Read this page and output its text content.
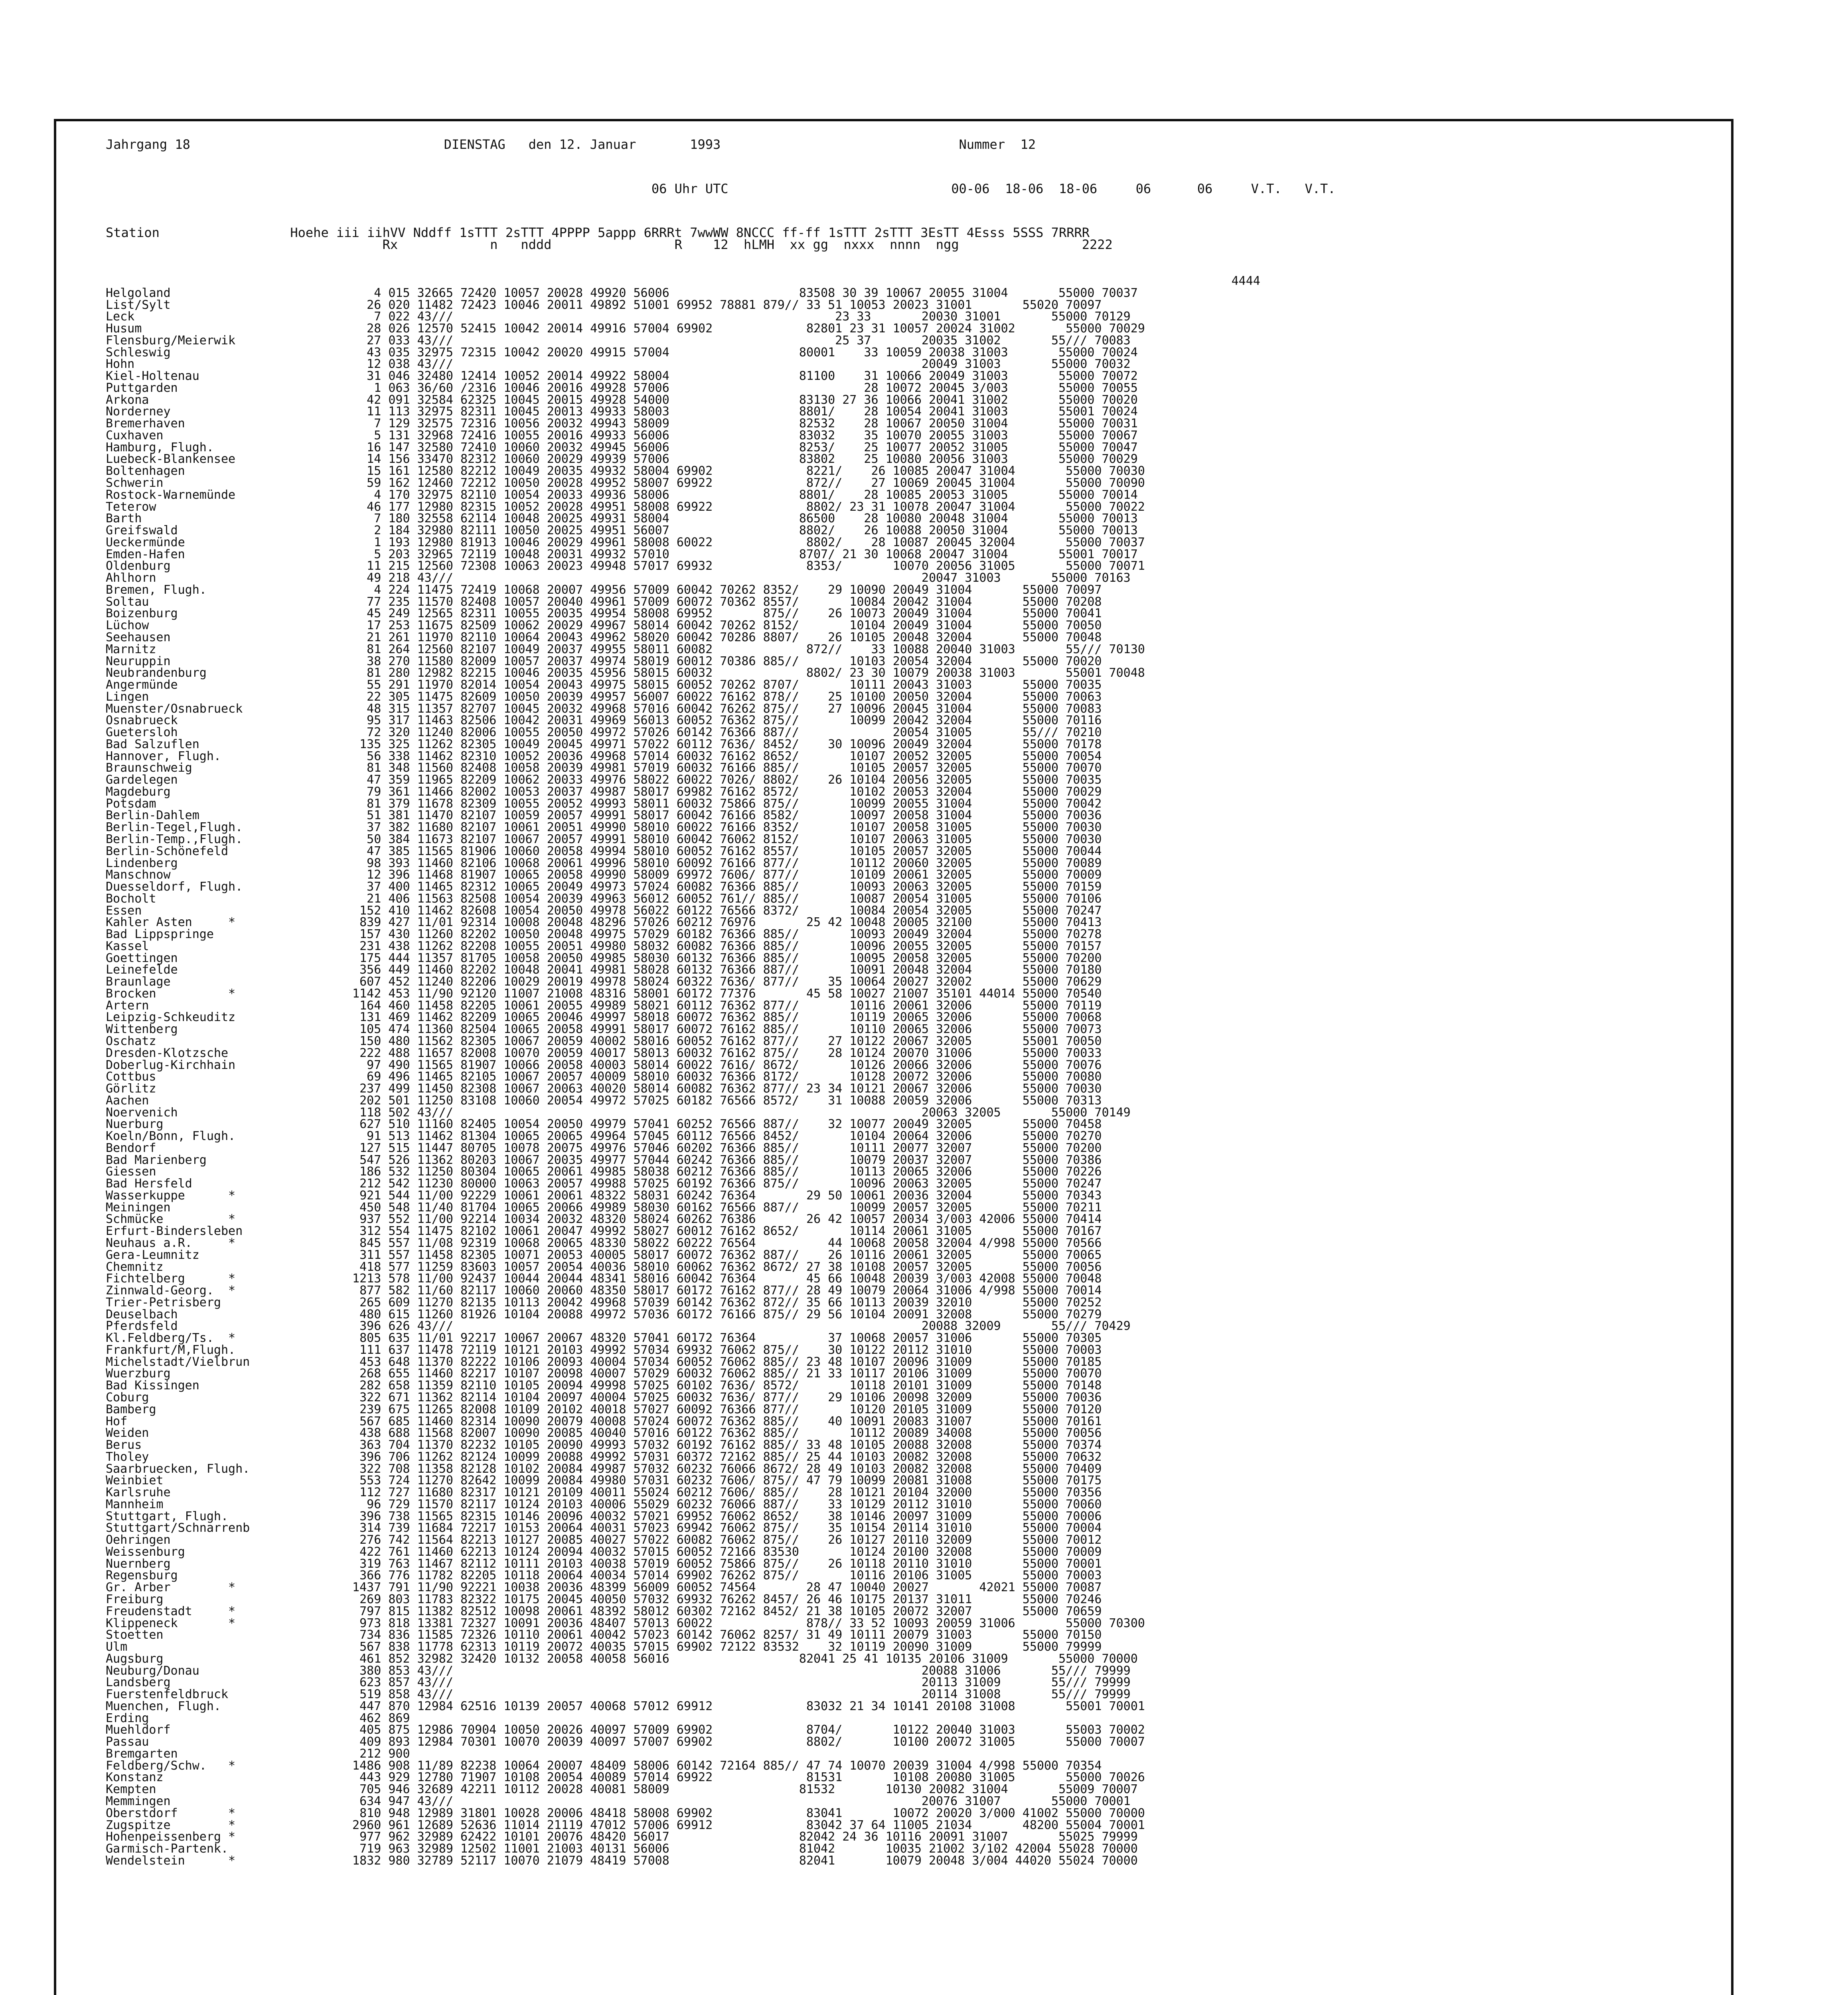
Jahrgang 18                                 DIENSTAG   den 12. Januar       1993                               Nummer  12
06 Uhr UTC                             00-06  18-06  18-06     06      06     V.T.   V.T.
Station                 Hoehe iii iihVV Nddff 1sTTT 2sTTT 4PPPP 5appp 6RRRt 7wwWW 8NCCC ff-ff 1sTTT 2sTTT 3EsTT 4Esss 5SSS 7RRRR
Rx            n   nddd                R    12  hLMH  xx gg  nxxx  nnnn  ngg                2222
4444
Helgoland	4 015 32665 72420 10057 20028 49920 56006                  83508 30 39 10067 20055 31004       55000 70037
List/Sylt	26 020 11482 72423 10046 20011 49892 51001 69952 78881 879// 33 51 10053 20023 31001       55020 70097
Leck	7 022 43///                                                     23 33       20030 31001       55000 70129
Husum	28 026 12570 52415 10042 20014 49916 57004 69902             82801 23 31 10057 20024 31002       55000 70029
Flensburg/Meierwik	27 033 43///                                                     25 37       20035 31002       55/// 70083
Schleswig	43 035 32975 72315 10042 20020 49915 57004                  80001    33 10059 20038 31003       55000 70024
Hohn	12 038 43///                                                                 20049 31003       55000 70032
Kiel-Holtenau	31 046 32480 12414 10052 20014 49922 58004                  81100    31 10066 20049 31003       55000 70072
Puttgarden	1 063 36/60 /2316 10046 20016 49928 57006                           28 10072 20045 3/003       55000 70055
Arkona	42 091 32584 62325 10045 20015 49928 54000                  83130 27 36 10066 20041 31002       55000 70020
Norderney	11 113 32975 82311 10045 20013 49933 58003                  8801/    28 10054 20041 31003       55001 70024
Bremerhaven	7 129 32575 72316 10056 20032 49943 58009                  82532    28 10067 20050 31004       55000 70031
Cuxhaven	5 131 32968 72416 10055 20016 49933 56006                  83032    35 10070 20055 31003       55000 70067
Hamburg, Flugh.	16 147 32580 72410 10060 20032 49945 56006                  8253/    25 10077 20052 31005       55000 70047
Luebeck-Blankensee	14 156 33470 82312 10060 20029 49939 57006                  83802    25 10080 20056 31003       55000 70029
Boltenhagen	15 161 12580 82212 10049 20035 49932 58004 69902             8221/    26 10085 20047 31004       55000 70030
Schwerin	59 162 12460 72212 10050 20028 49952 58007 69922             872//    27 10069 20045 31004       55000 70090
Rostock-Warnemünde	4 170 32975 82110 10054 20033 49936 58006                  8801/    28 10085 20053 31005       55000 70014
Teterow	46 177 12980 82315 10052 20028 49951 58008 69922             8802/ 23 31 10078 20047 31004       55000 70022
Barth	7 180 32558 62114 10048 20025 49931 58004                  86500    28 10080 20048 31004       55000 70013
Greifswald	2 184 32980 82111 10050 20025 49951 56007                  8802/    26 10088 20050 31004       55000 70013
Ueckermünde	1 193 12980 81913 10046 20029 49961 58008 60022             8802/    28 10087 20045 32004       55000 70037
Emden-Hafen	5 203 32965 72119 10048 20031 49932 57010                  8707/ 21 30 10068 20047 31004       55001 70017
Oldenburg	11 215 12560 72308 10063 20023 49948 57017 69932             8353/       10070 20056 31005       55000 70071
Ahlhorn	49 218 43///                                                                 20047 31003       55000 70163
Bremen, Flugh.	4 224 11475 72419 10068 20007 49956 57009 60042 70262 8352/    29 10090 20049 31004       55000 70097
Soltau	77 235 11570 82408 10057 20040 49961 57009 60072 70362 8557/       10084 20042 31004       55000 70208
Boizenburg	45 249 12565 82311 10055 20035 49954 58008 69952       875//    26 10073 20049 31004       55000 70041
Lüchow	17 253 11675 82509 10062 20029 49967 58014 60042 70262 8152/       10104 20049 31004       55000 70050
Seehausen	21 261 11970 82110 10064 20043 49962 58020 60042 70286 8807/    26 10105 20048 32004       55000 70048
Marnitz	81 264 12560 82107 10049 20037 49955 58011 60082             872//    33 10088 20040 31003       55/// 70130
Neuruppin	38 270 11580 82009 10057 20037 49974 58019 60012 70386 885//       10103 20054 32004       55000 70020
Neubrandenburg	81 280 12982 82215 10046 20035 45956 58015 60032             8802/ 23 30 10079 20038 31003       55001 70048
Angermünde	55 291 11970 82014 10054 20043 49975 58015 60052 70262 8707/       10111 20043 31003       55000 70035
Lingen	22 305 11475 82609 10050 20039 49957 56007 60022 76162 878//    25 10100 20050 32004       55000 70063
Muenster/Osnabrueck	48 315 11357 82707 10045 20032 49968 57016 60042 76262 875//    27 10096 20045 31004       55000 70083
Osnabrueck	95 317 11463 82506 10042 20031 49969 56013 60052 76362 875//       10099 20042 32004       55000 70116
Guetersloh	72 320 11240 82006 10055 20050 49972 57026 60142 76366 887//             20054 31005       55/// 70210
Bad Salzuflen	135 325 11262 82305 10049 20045 49971 57022 60112 7636/ 8452/    30 10096 20049 32004       55000 70178
Hannover, Flugh.	56 338 11462 82310 10052 20036 49968 57014 60032 76162 8652/       10107 20052 32005       55000 70054
Braunschweig	81 348 11560 82408 10058 20039 49981 57019 60032 76166 885//       10105 20057 32005       55000 70070
Gardelegen	47 359 11965 82209 10062 20033 49976 58022 60022 7026/ 8802/    26 10104 20056 32005       55000 70035
Magdeburg	79 361 11466 82002 10053 20037 49987 58017 69982 76162 8572/       10102 20053 32004       55000 70029
Potsdam	81 379 11678 82309 10055 20052 49993 58011 60032 75866 875//       10099 20055 31004       55000 70042
Berlin-Dahlem	51 381 11470 82107 10059 20057 49991 58017 60042 76166 8582/       10097 20058 31004       55000 70036
Berlin-Tegel,Flugh.	37 382 11680 82107 10061 20051 49990 58010 60022 76166 8352/       10107 20058 31005       55000 70030
Berlin-Temp.,Flugh.	50 384 11673 82107 10067 20057 49991 58010 60042 76062 8152/       10107 20063 31005       55000 70030
Berlin-Schönefeld	47 385 11565 81906 10060 20058 49994 58010 60052 76162 8557/       10105 20057 32005       55000 70044
Lindenberg	98 393 11460 82106 10068 20061 49996 58010 60092 76166 877//       10112 20060 32005       55000 70089
Manschnow	12 396 11468 81907 10065 20058 49990 58009 69972 7606/ 877//       10109 20061 32005       55000 70009
Duesseldorf, Flugh.	37 400 11465 82312 10065 20049 49973 57024 60082 76366 885//       10093 20063 32005       55000 70159
Bocholt	21 406 11563 82508 10054 20039 49963 56012 60052 761// 885//       10087 20054 31005       55000 70106
Essen	152 410 11462 82608 10054 20050 49978 56022 60122 76566 8372/       10084 20054 32005       55000 70247
Kahler Asten     *	839 427 11/01 92314 10008 20048 48296 57026 60212 76976       25 42 10048 20005 32100       55000 70413
Bad Lippspringe	157 430 11260 82202 10050 20048 49975 57029 60182 76366 885//       10093 20049 32004       55000 70278
Kassel	231 438 11262 82208 10055 20051 49980 58032 60082 76366 885//       10096 20055 32005       55000 70157
Goettingen	175 444 11357 81705 10058 20050 49985 58030 60132 76366 885//       10095 20058 32005       55000 70200
Leinefelde	356 449 11460 82202 10048 20041 49981 58028 60132 76366 887//       10091 20048 32004       55000 70180
Braunlage	607 452 11240 82206 10029 20019 49978 58024 60322 7636/ 877//    35 10064 20027 32002       55000 70629
Brocken          *	1142 453 11/90 92120 11007 21008 48316 58001 60172 77376       45 58 10027 21007 35101 44014 55000 70540
Artern	164 460 11458 82205 10061 20055 49989 58021 60112 76362 877//       10116 20061 32006       55000 70119
Leipzig-Schkeuditz	131 469 11462 82209 10065 20046 49997 58018 60072 76362 885//       10119 20065 32006       55000 70068
Wittenberg	105 474 11360 82504 10065 20058 49991 58017 60072 76162 885//       10110 20065 32006       55000 70073
Oschatz	150 480 11562 82305 10067 20059 40002 58016 60052 76162 877//    27 10122 20067 32005       55001 70050
Dresden-Klotzsche	222 488 11657 82008 10070 20059 40017 58013 60032 76162 875//    28 10124 20070 31006       55000 70033
Doberlug-Kirchhain	97 490 11565 81907 10066 20058 40003 58014 60022 7616/ 8672/       10126 20066 32006       55000 70076
Cottbus	69 496 11465 82105 10067 20057 40009 58010 60032 76366 8172/       10128 20072 32006       55000 70080
Görlitz	237 499 11450 82308 10067 20063 40020 58014 60082 76362 877// 23 34 10121 20067 32006       55000 70030
Aachen	202 501 11250 83108 10060 20054 49972 57025 60182 76566 8572/    31 10088 20059 32006       55000 70313
Noervenich	118 502 43///                                                                 20063 32005       55000 70149
Nuerburg	627 510 11160 82405 10054 20050 49979 57041 60252 76566 887//    32 10077 20049 32005       55000 70458
Koeln/Bonn, Flugh.	91 513 11462 81304 10065 20065 49964 57045 60112 76566 8452/       10104 20064 32006       55000 70270
Bendorf	127 515 11447 80705 10078 20075 49976 57046 60202 76366 885//       10111 20077 32007       55000 70200
Bad Marienberg	547 526 11362 80203 10067 20035 49977 57044 60242 76366 885//       10079 20037 32007       55000 70386
Giessen	186 532 11250 80304 10065 20061 49985 58038 60212 76366 885//       10113 20065 32006       55000 70226
Bad Hersfeld	212 542 11230 80000 10063 20057 49988 57025 60192 76366 875//       10096 20063 32005       55000 70247
Wasserkuppe      *	921 544 11/00 92229 10061 20061 48322 58031 60242 76364       29 50 10061 20036 32004       55000 70343
Meiningen	450 548 11/40 81704 10065 20066 49989 58030 60162 76566 887//       10099 20057 32005       55000 70211
Schmücke         *	937 552 11/00 92214 10034 20032 48320 58024 60262 76386       26 42 10057 20034 3/003 42006 55000 70414
Erfurt-Bindersleben	312 554 11475 82102 10061 20047 49992 58027 60012 76162 8652/       10114 20061 31005       55000 70167
Neuhaus a.R.     *	845 557 11/08 92319 10068 20065 48330 58022 60222 76564          44 10068 20058 32004 4/998 55000 70566
Gera-Leumnitz	311 557 11458 82305 10071 20053 40005 58017 60072 76362 887//    26 10116 20061 32005       55000 70065
Chemnitz	418 577 11259 83603 10057 20054 40036 58010 60062 76362 8672/ 27 38 10108 20057 32005       55000 70056
Fichtelberg      *	1213 578 11/00 92437 10044 20044 48341 58016 60042 76364       45 66 10048 20039 3/003 42008 55000 70048
Zinnwald-Georg.  *	877 582 11/60 82117 10060 20060 48350 58017 60172 76162 877// 28 49 10079 20064 31006 4/998 55000 70014
Trier-Petrisberg	265 609 11270 82135 10113 20042 49968 57039 60142 76362 872// 35 66 10113 20039 32010       55000 70252
Deuselbach	480 615 11260 81926 10104 20088 49972 57036 60172 76166 875// 29 56 10104 20091 32008       55000 70279
Pferdsfeld	396 626 43///                                                                 20088 32009       55/// 70429
Kl.Feldberg/Ts.  *	805 635 11/01 92217 10067 20067 48320 57041 60172 76364          37 10068 20057 31006       55000 70305
Frankfurt/M,Flugh.	111 637 11478 72119 10121 20103 49992 57034 69932 76062 875//    30 10122 20112 31010       55000 70003
Michelstadt/Vielbrun	453 648 11370 82222 10106 20093 40004 57034 60052 76062 885// 23 48 10107 20096 31009       55000 70185
Wuerzburg	268 655 11460 82217 10107 20098 40007 57029 60032 76062 885// 21 33 10117 20106 31009       55000 70070
Bad Kissingen	282 658 11359 82110 10105 20094 49998 57025 60102 7636/ 8572/       10118 20101 31009       55000 70148
Coburg	322 671 11362 82114 10104 20097 40004 57025 60032 7636/ 877//    29 10106 20098 32009       55000 70036
Bamberg	239 675 11265 82008 10109 20102 40018 57027 60092 76366 877//       10120 20105 31009       55000 70120
Hof	567 685 11460 82314 10090 20079 40008 57024 60072 76362 885//    40 10091 20083 31007       55000 70161
Weiden	438 688 11568 82007 10090 20085 40040 57016 60122 76362 885//       10112 20089 34008       55000 70056
Berus	363 704 11370 82232 10105 20090 49993 57032 60192 76162 885// 33 48 10105 20088 32008       55000 70374
Tholey	396 706 11262 82124 10099 20088 49992 57031 60372 72162 885// 25 44 10103 20082 32008       55000 70632
Saarbruecken, Flugh.	322 708 11358 82128 10102 20084 49987 57032 60232 76066 8672/ 28 49 10103 20082 32008       55000 70409
Weinbiet	553 724 11270 82642 10099 20084 49980 57031 60232 7606/ 875// 47 79 10099 20081 31008       55000 70175
Karlsruhe	112 727 11680 82317 10121 20109 40011 55024 60212 7606/ 885//    28 10121 20104 32000       55000 70356
Mannheim	96 729 11570 82117 10124 20103 40006 55029 60232 76066 887//    33 10129 20112 31010       55000 70060
Stuttgart, Flugh.	396 738 11565 82315 10146 20096 40032 57021 69952 76062 8652/    38 10146 20097 31009       55000 70006
Stuttgart/Schnarrenb	314 739 11684 72217 10153 20064 40031 57023 69942 76062 875//    35 10154 20114 31010       55000 70004
Oehringen	276 742 11564 82213 10127 20085 40027 57022 60082 76062 875//    26 10127 20110 32009       55000 70012
Weissenburg	422 761 11460 62213 10124 20094 40032 57015 60052 72166 83530       10124 20100 32008       55000 70009
Nuernberg	319 763 11467 82112 10111 20103 40038 57019 60052 75866 875//    26 10118 20110 31010       55000 70001
Regensburg	366 776 11782 82205 10118 20064 40034 57014 69902 76262 875//       10116 20106 31005       55000 70003
Gr. Arber        *	1437 791 11/90 92221 10038 20036 48399 56009 60052 74564       28 47 10040 20027       42021 55000 70087
Freiburg	269 803 11783 82322 10175 20045 40050 57032 69932 76262 8457/ 26 46 10175 20137 31011       55000 70246
Freudenstadt     *	797 815 11382 82512 10098 20061 48392 58012 60302 72162 8452/ 21 38 10105 20072 32007       55000 70659
Klippeneck       *	973 818 13381 72327 10091 20036 48407 57013 60022             878// 33 52 10093 20059 31006       55000 70300
Stoetten	734 836 11585 72326 10110 20061 40042 57023 60142 76062 8257/ 31 49 10111 20079 31003       55000 70150
Ulm	567 838 11778 62313 10119 20072 40035 57015 69902 72122 83532    32 10119 20090 31009       55000 79999
Augsburg	461 852 32982 32420 10132 20058 40058 56016                  82041 25 41 10135 20106 31009       55000 70000
Neuburg/Donau	380 853 43///                                                                 20088 31006       55/// 79999
Landsberg	623 857 43///                                                                 20113 31009       55/// 79999
Fuerstenfeldbruck	519 858 43///                                                                 20114 31008       55/// 79999
Muenchen, Flugh.	447 870 12984 62516 10139 20057 40068 57012 69912             83032 21 34 10141 20108 31008       55001 70001
Erding	462 869
Muehldorf	405 875 12986 70904 10050 20026 40097 57009 69902             8704/       10122 20040 31003       55003 70002
Passau	409 893 12984 70301 10070 20039 40097 57007 69902             8802/       10100 20072 31005       55000 70007
Bremgarten	212 900
Feldberg/Schw.   *	1486 908 11/89 82238 10064 20007 48409 58006 60142 72164 885// 47 74 10070 20039 31004 4/998 55000 70354
Konstanz	443 929 12780 71907 10108 20054 40089 57014 69922             81531       10108 20080 31005       55000 70026
Kempten	705 946 32689 42211 10112 20028 40081 58009                  81532       10130 20082 31004       55009 70007
Memmingen	634 947 43///                                                                 20076 31007       55000 70001
Oberstdorf       *	810 948 12989 31801 10028 20006 48418 58008 69902             83041       10072 20020 3/000 41002 55000 70000
Zugspitze        *	2960 961 12689 52636 11014 21119 47012 57006 69912             83042 37 64 11005 21034       48200 55004 70001
Hohenpeissenberg *	977 962 32989 62422 10101 20076 48420 56017                  82042 24 36 10116 20091 31007       55025 79999
Garmisch-Partenk.	719 963 32989 12502 11001 21003 40131 56006                  81042       10035 21002 3/102 42004 55028 70000
Wendelstein      *	1832 980 32789 52117 10070 21079 48419 57008                  82041       10079 20048 3/004 44020 55024 70000
